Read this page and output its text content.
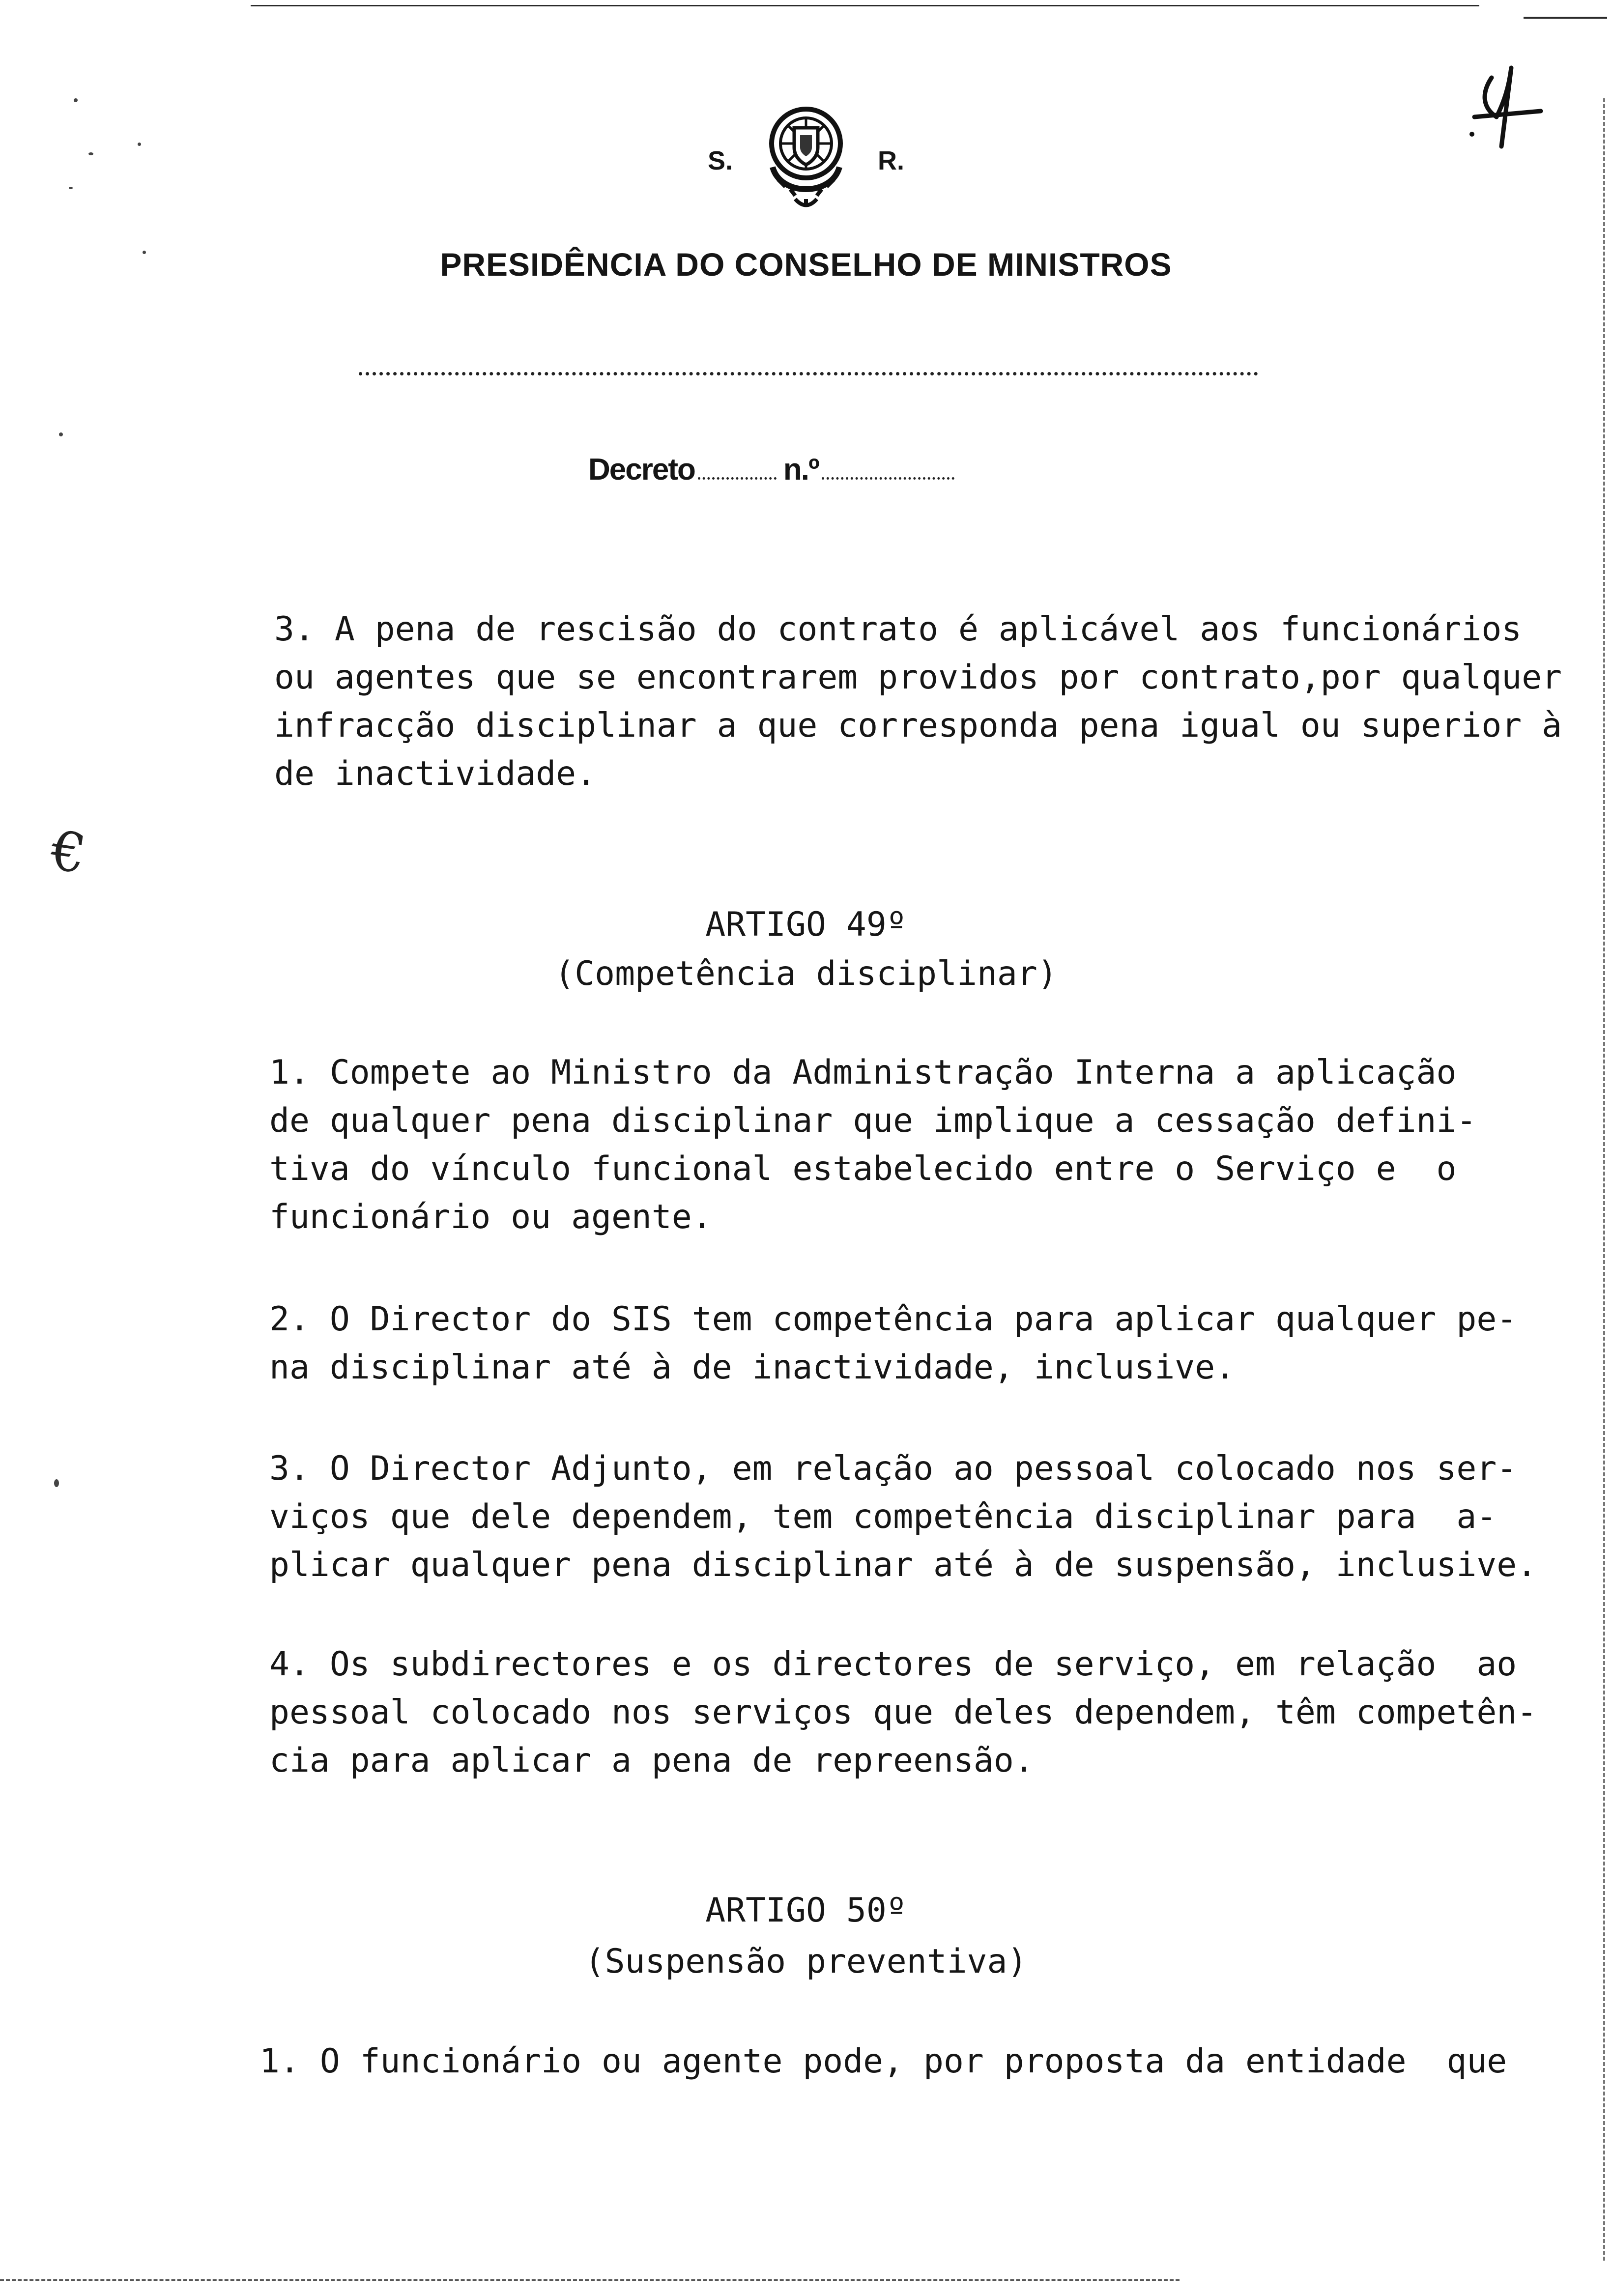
€
S.	R.
PRESIDÊNCIA DO CONSELHO DE MINISTROS
Decreto	n.º
3. A pena de rescisão do contrato é aplicável aos funcionários
ou agentes que se encontrarem providos por contrato,por qualquer
infracção disciplinar a que corresponda pena igual ou superior à
de inactividade.
ARTIGO 49º
(Competência disciplinar)
1. Compete ao Ministro da Administração Interna a aplicação
de qualquer pena disciplinar que implique a cessação defini-
tiva do vínculo funcional estabelecido entre o Serviço e  o
funcionário ou agente.
2. O Director do SIS tem competência para aplicar qualquer pe-
na disciplinar até à de inactividade, inclusive.
3. O Director Adjunto, em relação ao pessoal colocado nos ser-
viços que dele dependem, tem competência disciplinar para  a-
plicar qualquer pena disciplinar até à de suspensão, inclusive.
4. Os subdirectores e os directores de serviço, em relação  ao
pessoal colocado nos serviços que deles dependem, têm competên-
cia para aplicar a pena de repreensão.
ARTIGO 50º
(Suspensão preventiva)
1. O funcionário ou agente pode, por proposta da entidade  que
